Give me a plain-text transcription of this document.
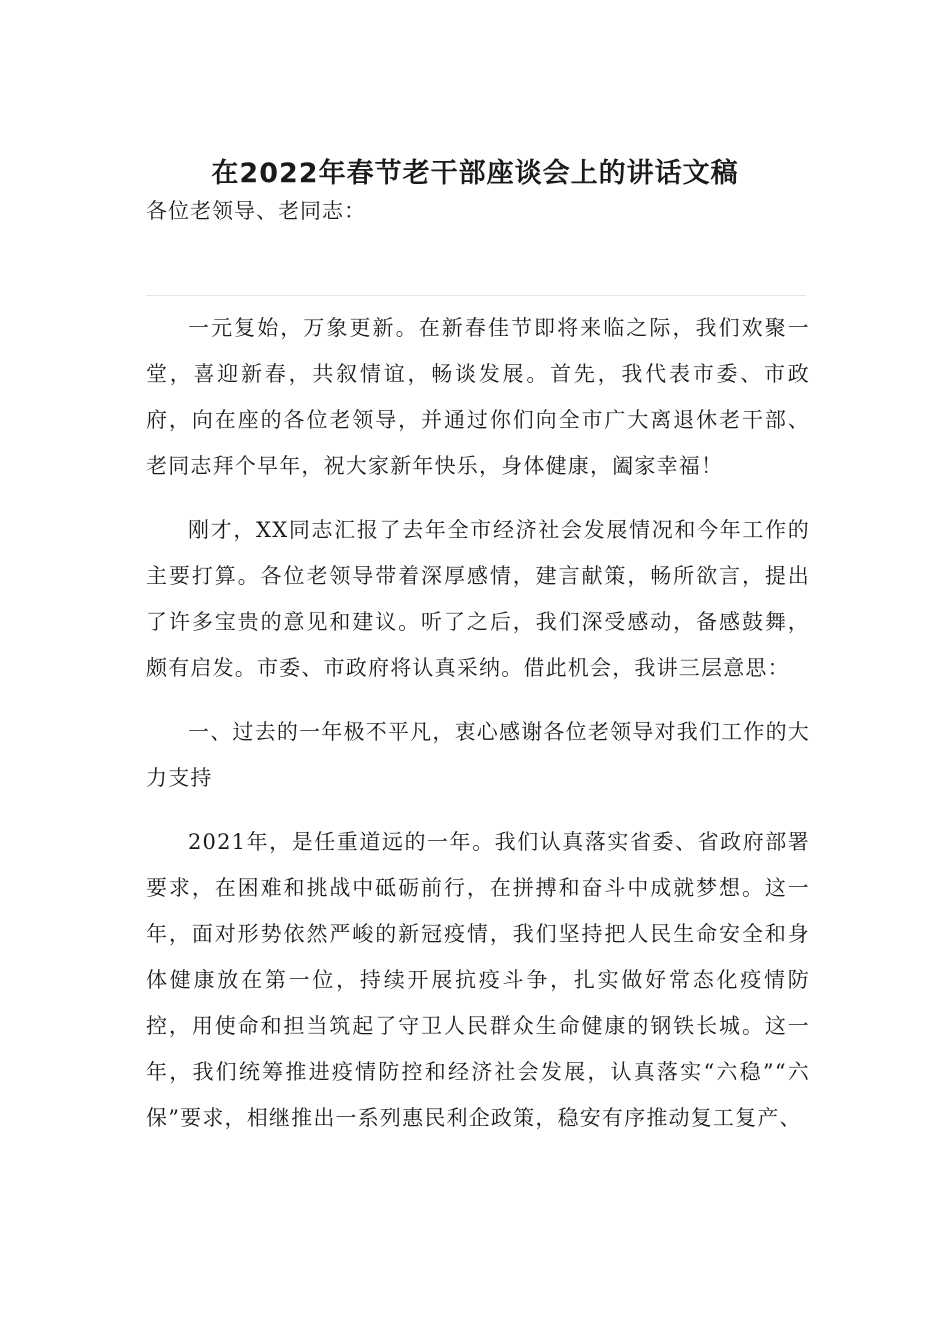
在2022年春节老干部座谈会上的讲话文稿

各位老领导、老同志：

一元复始，万象更新。在新春佳节即将来临之际，我们欢聚一堂，喜迎新春，共叙情谊，畅谈发展。首先，我代表市委、市政府，向在座的各位老领导，并通过你们向全市广大离退休老干部、老同志拜个早年，祝大家新年快乐，身体健康，阖家幸福！

刚才，XX同志汇报了去年全市经济社会发展情况和今年工作的主要打算。各位老领导带着深厚感情，建言献策，畅所欲言，提出了许多宝贵的意见和建议。听了之后，我们深受感动，备感鼓舞，颇有启发。市委、市政府将认真采纳。借此机会，我讲三层意思：

一、过去的一年极不平凡，衷心感谢各位老领导对我们工作的大力支持

2021年，是任重道远的一年。我们认真落实省委、省政府部署要求，在困难和挑战中砥砺前行，在拼搏和奋斗中成就梦想。这一年，面对形势依然严峻的新冠疫情，我们坚持把人民生命安全和身体健康放在第一位，持续开展抗疫斗争，扎实做好常态化疫情防控，用使命和担当筑起了守卫人民群众生命健康的钢铁长城。这一年，我们统筹推进疫情防控和经济社会发展，认真落实“六稳”“六保”要求，相继推出一系列惠民利企政策，稳安有序推动复工复产、
